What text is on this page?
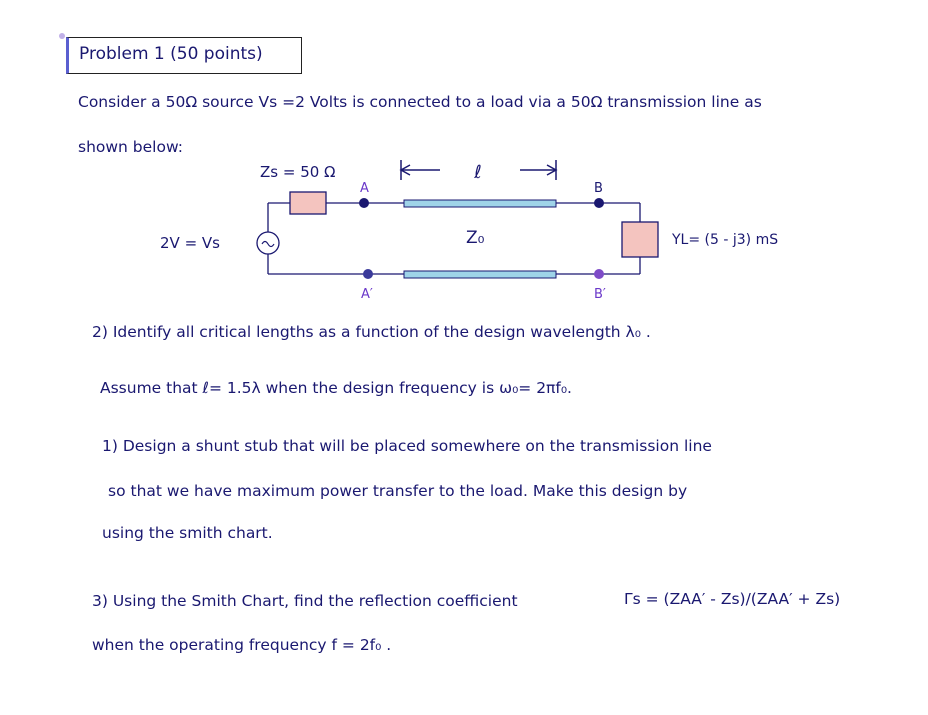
Problem 1 (50 points)
Consider a 50Ω source Vs =2 Volts is connected to a load via a 50Ω transmission line as
shown below:
ℓ
Zs = 50 Ω
Z₀
A	B
A′	B′
2V = Vs	YL= (5 - j3) mS
2) Identify all critical lengths as a function of the design wavelength λ₀ .
Assume that ℓ= 1.5λ when the design frequency is ω₀= 2πf₀.
1) Design a shunt stub that will be placed somewhere on the transmission line
so that we have maximum power transfer to the load. Make this design by
using the smith chart.
3) Using the Smith Chart, find the reflection coefficient	Γs = (ZAA′ - Zs)/(ZAA′ + Zs)
when the operating frequency f = 2f₀ .
